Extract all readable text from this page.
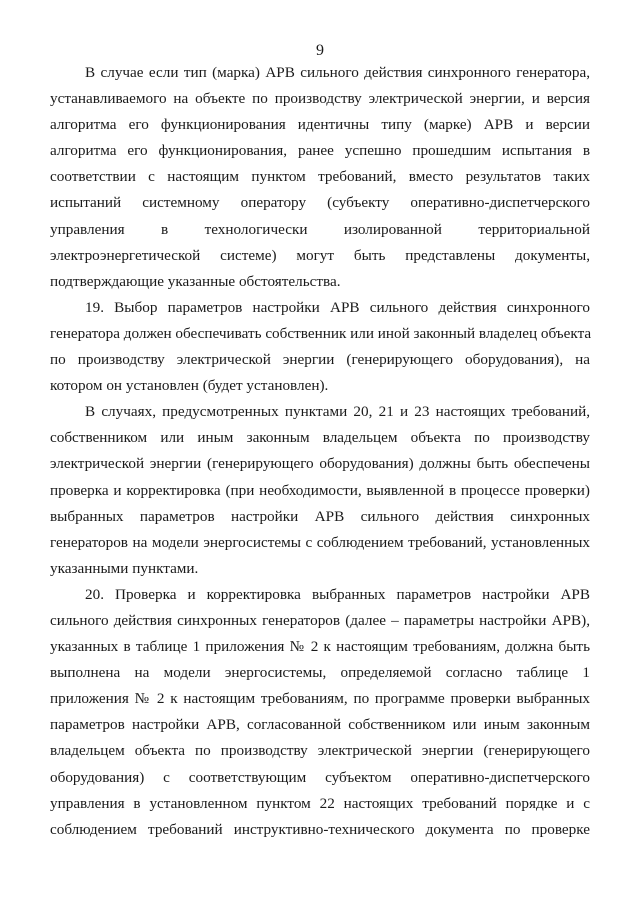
9

В случае если тип (марка) АРВ сильного действия синхронного генератора,
устанавливаемого на объекте по производству электрической энергии, и версия
алгоритма его функционирования идентичны типу (марке) АРВ и версии
алгоритма его функционирования, ранее успешно прошедшим испытания в
соответствии с настоящим пунктом требований, вместо результатов таких
испытаний системному оператору (субъекту оперативно-диспетчерского
управления в технологически изолированной территориальной
электроэнергетической системе) могут быть представлены документы,
подтверждающие указанные обстоятельства.

19. Выбор параметров настройки АРВ сильного действия синхронного
генератора должен обеспечивать собственник или иной законный владелец объекта
по производству электрической энергии (генерирующего оборудования), на
котором он установлен (будет установлен).

В случаях, предусмотренных пунктами 20, 21 и 23 настоящих требований,
собственником или иным законным владельцем объекта по производству
электрической энергии (генерирующего оборудования) должны быть обеспечены
проверка и корректировка (при необходимости, выявленной в процессе проверки)
выбранных параметров настройки АРВ сильного действия синхронных
генераторов на модели энергосистемы с соблюдением требований, установленных
указанными пунктами.

20. Проверка и корректировка выбранных параметров настройки АРВ
сильного действия синхронных генераторов (далее – параметры настройки АРВ),
указанных в таблице 1 приложения № 2 к настоящим требованиям, должна быть
выполнена на модели энергосистемы, определяемой согласно таблице 1
приложения № 2 к настоящим требованиям, по программе проверки выбранных
параметров настройки АРВ, согласованной собственником или иным законным
владельцем объекта по производству электрической энергии (генерирующего
оборудования) с соответствующим субъектом оперативно-диспетчерского
управления в установленном пунктом 22 настоящих требований порядке и с
соблюдением требований инструктивно-технического документа по проверке
